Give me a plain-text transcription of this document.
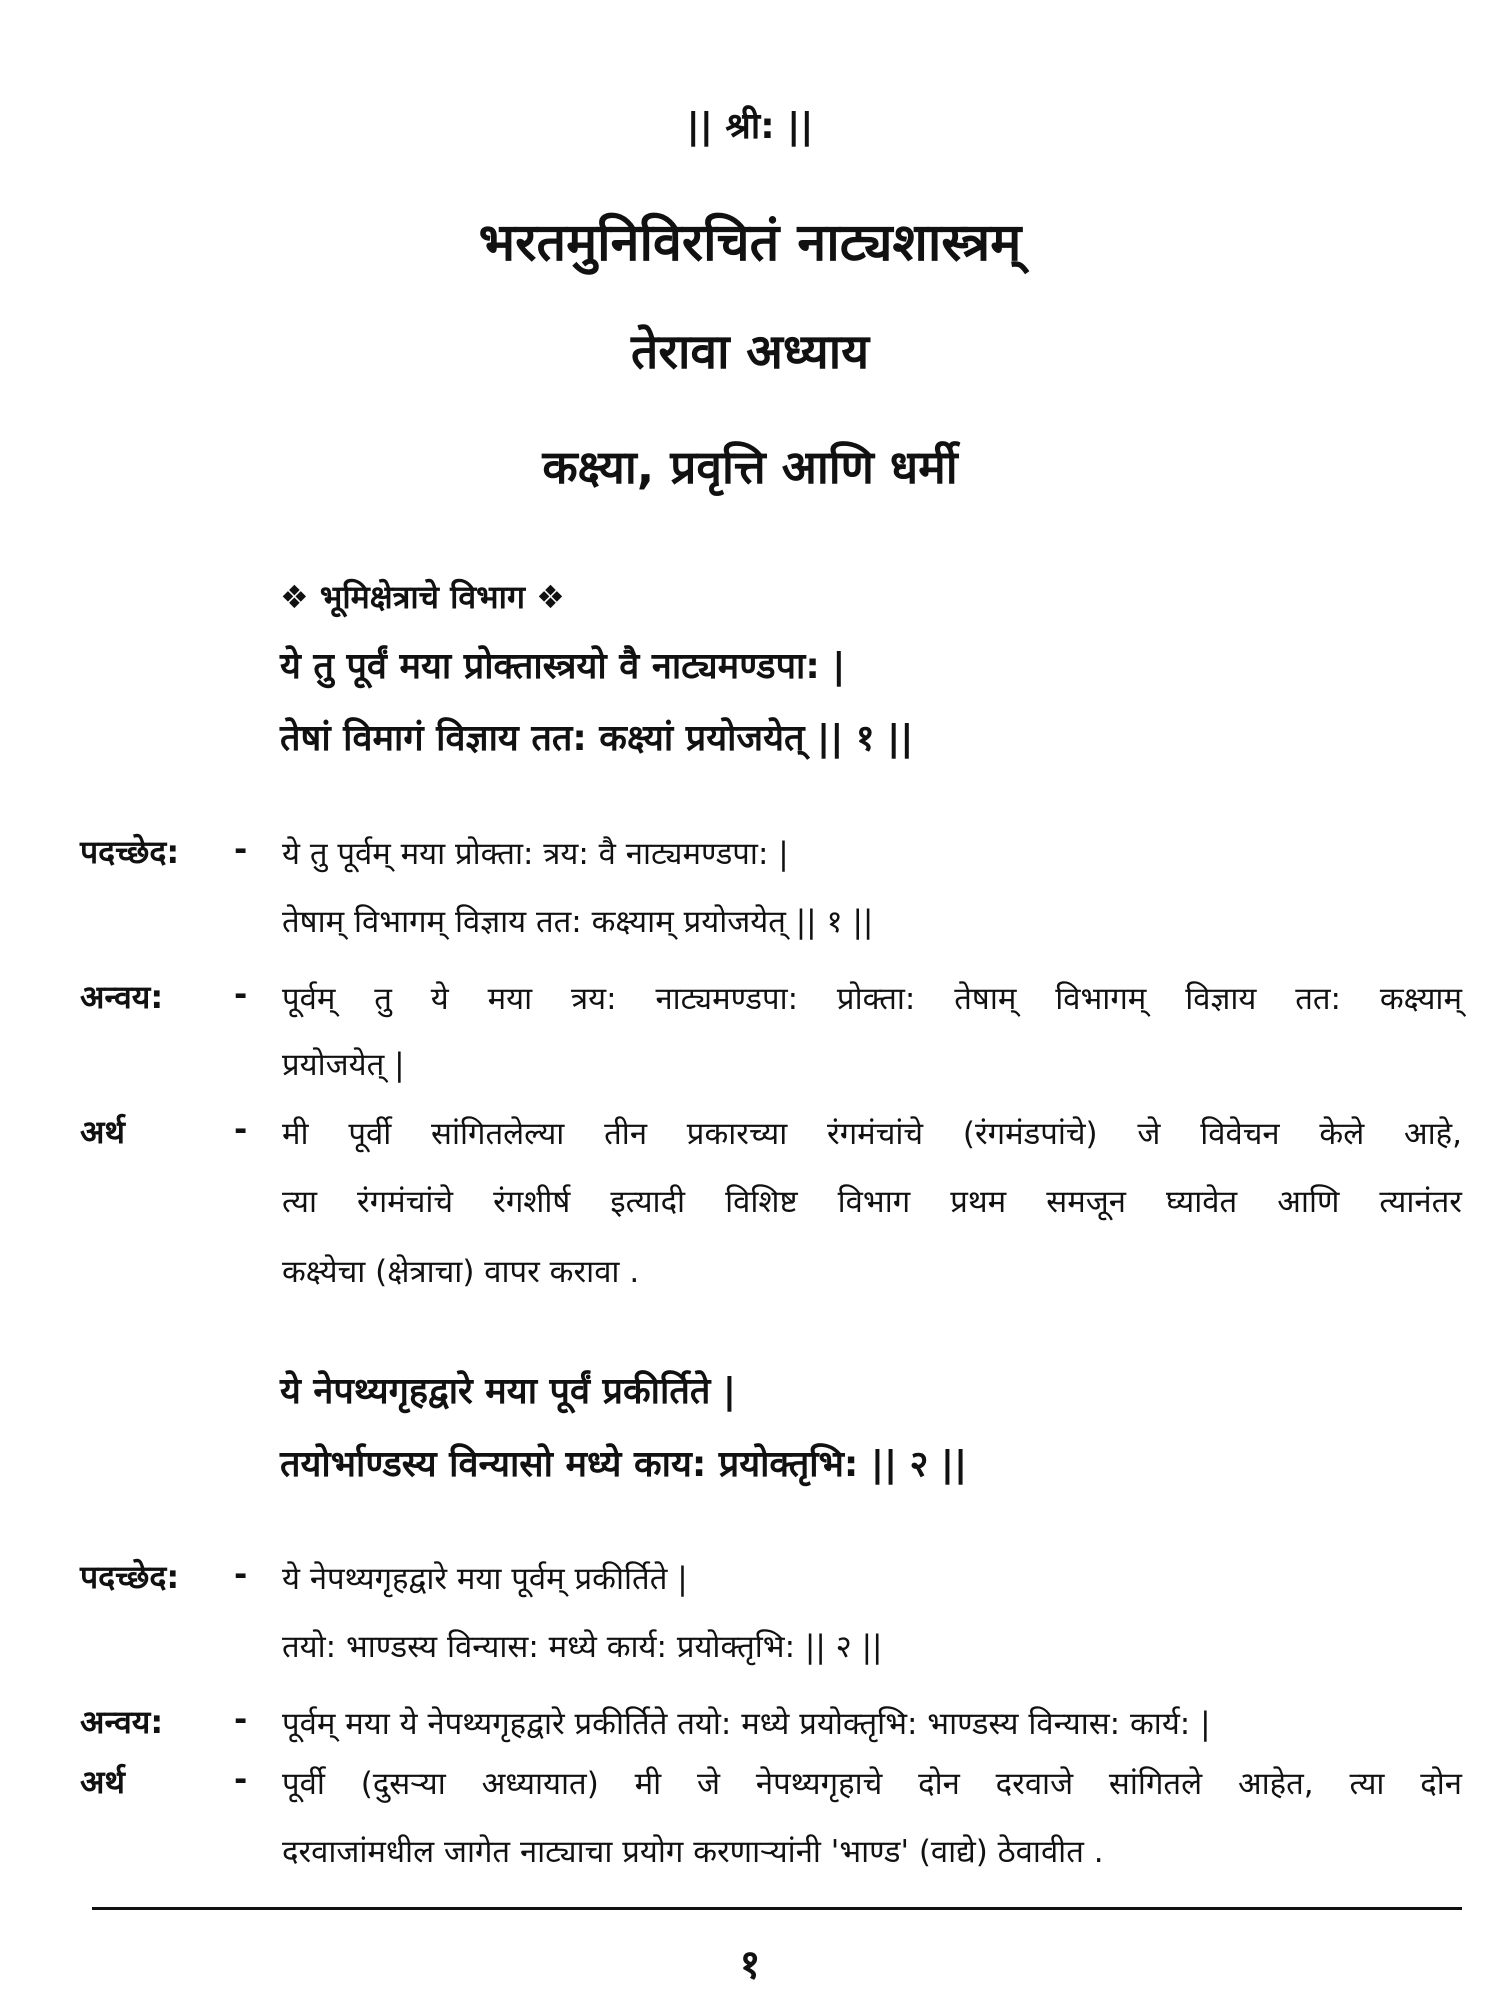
|| श्री: ||
भरतमुनिविरचितं नाट्यशास्त्रम्
तेरावा अध्याय
कक्ष्या, प्रवृत्ति आणि धर्मी
❖ भूमिक्षेत्राचे विभाग ❖
ये तु पूर्वं मया प्रोक्तास्त्रयो वै नाट्यमण्डपा: |
तेषां विमागं विज्ञाय तत: कक्ष्यां प्रयोजयेत् || १ ||
पदच्छेद: - ये तु पूर्वम् मया प्रोक्ता: त्रय: वै नाट्यमण्डपा: |
तेषाम् विभागम् विज्ञाय तत: कक्ष्याम् प्रयोजयेत् || १ ||
अन्वय: - पूर्वम् तु ये मया त्रय: नाट्यमण्डपा: प्रोक्ता: तेषाम् विभागम् विज्ञाय तत: कक्ष्याम्
प्रयोजयेत् |
अर्थ	- मी पूर्वी सांगितलेल्या तीन प्रकारच्या रंगमंचांचे (रंगमंडपांचे) जे विवेचन केले आहे,
त्या रंगमंचांचे रंगशीर्ष इत्यादी विशिष्ट विभाग प्रथम समजून घ्यावेत आणि त्यानंतर
कक्ष्येचा (क्षेत्राचा) वापर करावा .
ये नेपथ्यगृहद्वारे मया पूर्वं प्रकीर्तिते |
तयोर्भाण्डस्य विन्यासो मध्ये काय: प्रयोक्तृभि: || २ ||
पदच्छेद: - ये नेपथ्यगृहद्वारे मया पूर्वम् प्रकीर्तिते |
तयो: भाण्डस्य विन्यास: मध्ये कार्य: प्रयोक्तृभि: || २ ||
अन्वय: - पूर्वम् मया ये नेपथ्यगृहद्वारे प्रकीर्तिते तयो: मध्ये प्रयोक्तृभि: भाण्डस्य विन्यास: कार्य: |
अर्थ	- पूर्वी (दुसऱ्या अध्यायात) मी जे नेपथ्यगृहाचे दोन दरवाजे सांगितले आहेत, त्या दोन
दरवाजांमधील जागेत नाट्याचा प्रयोग करणाऱ्यांनी 'भाण्ड' (वाद्ये) ठेवावीत .
१
